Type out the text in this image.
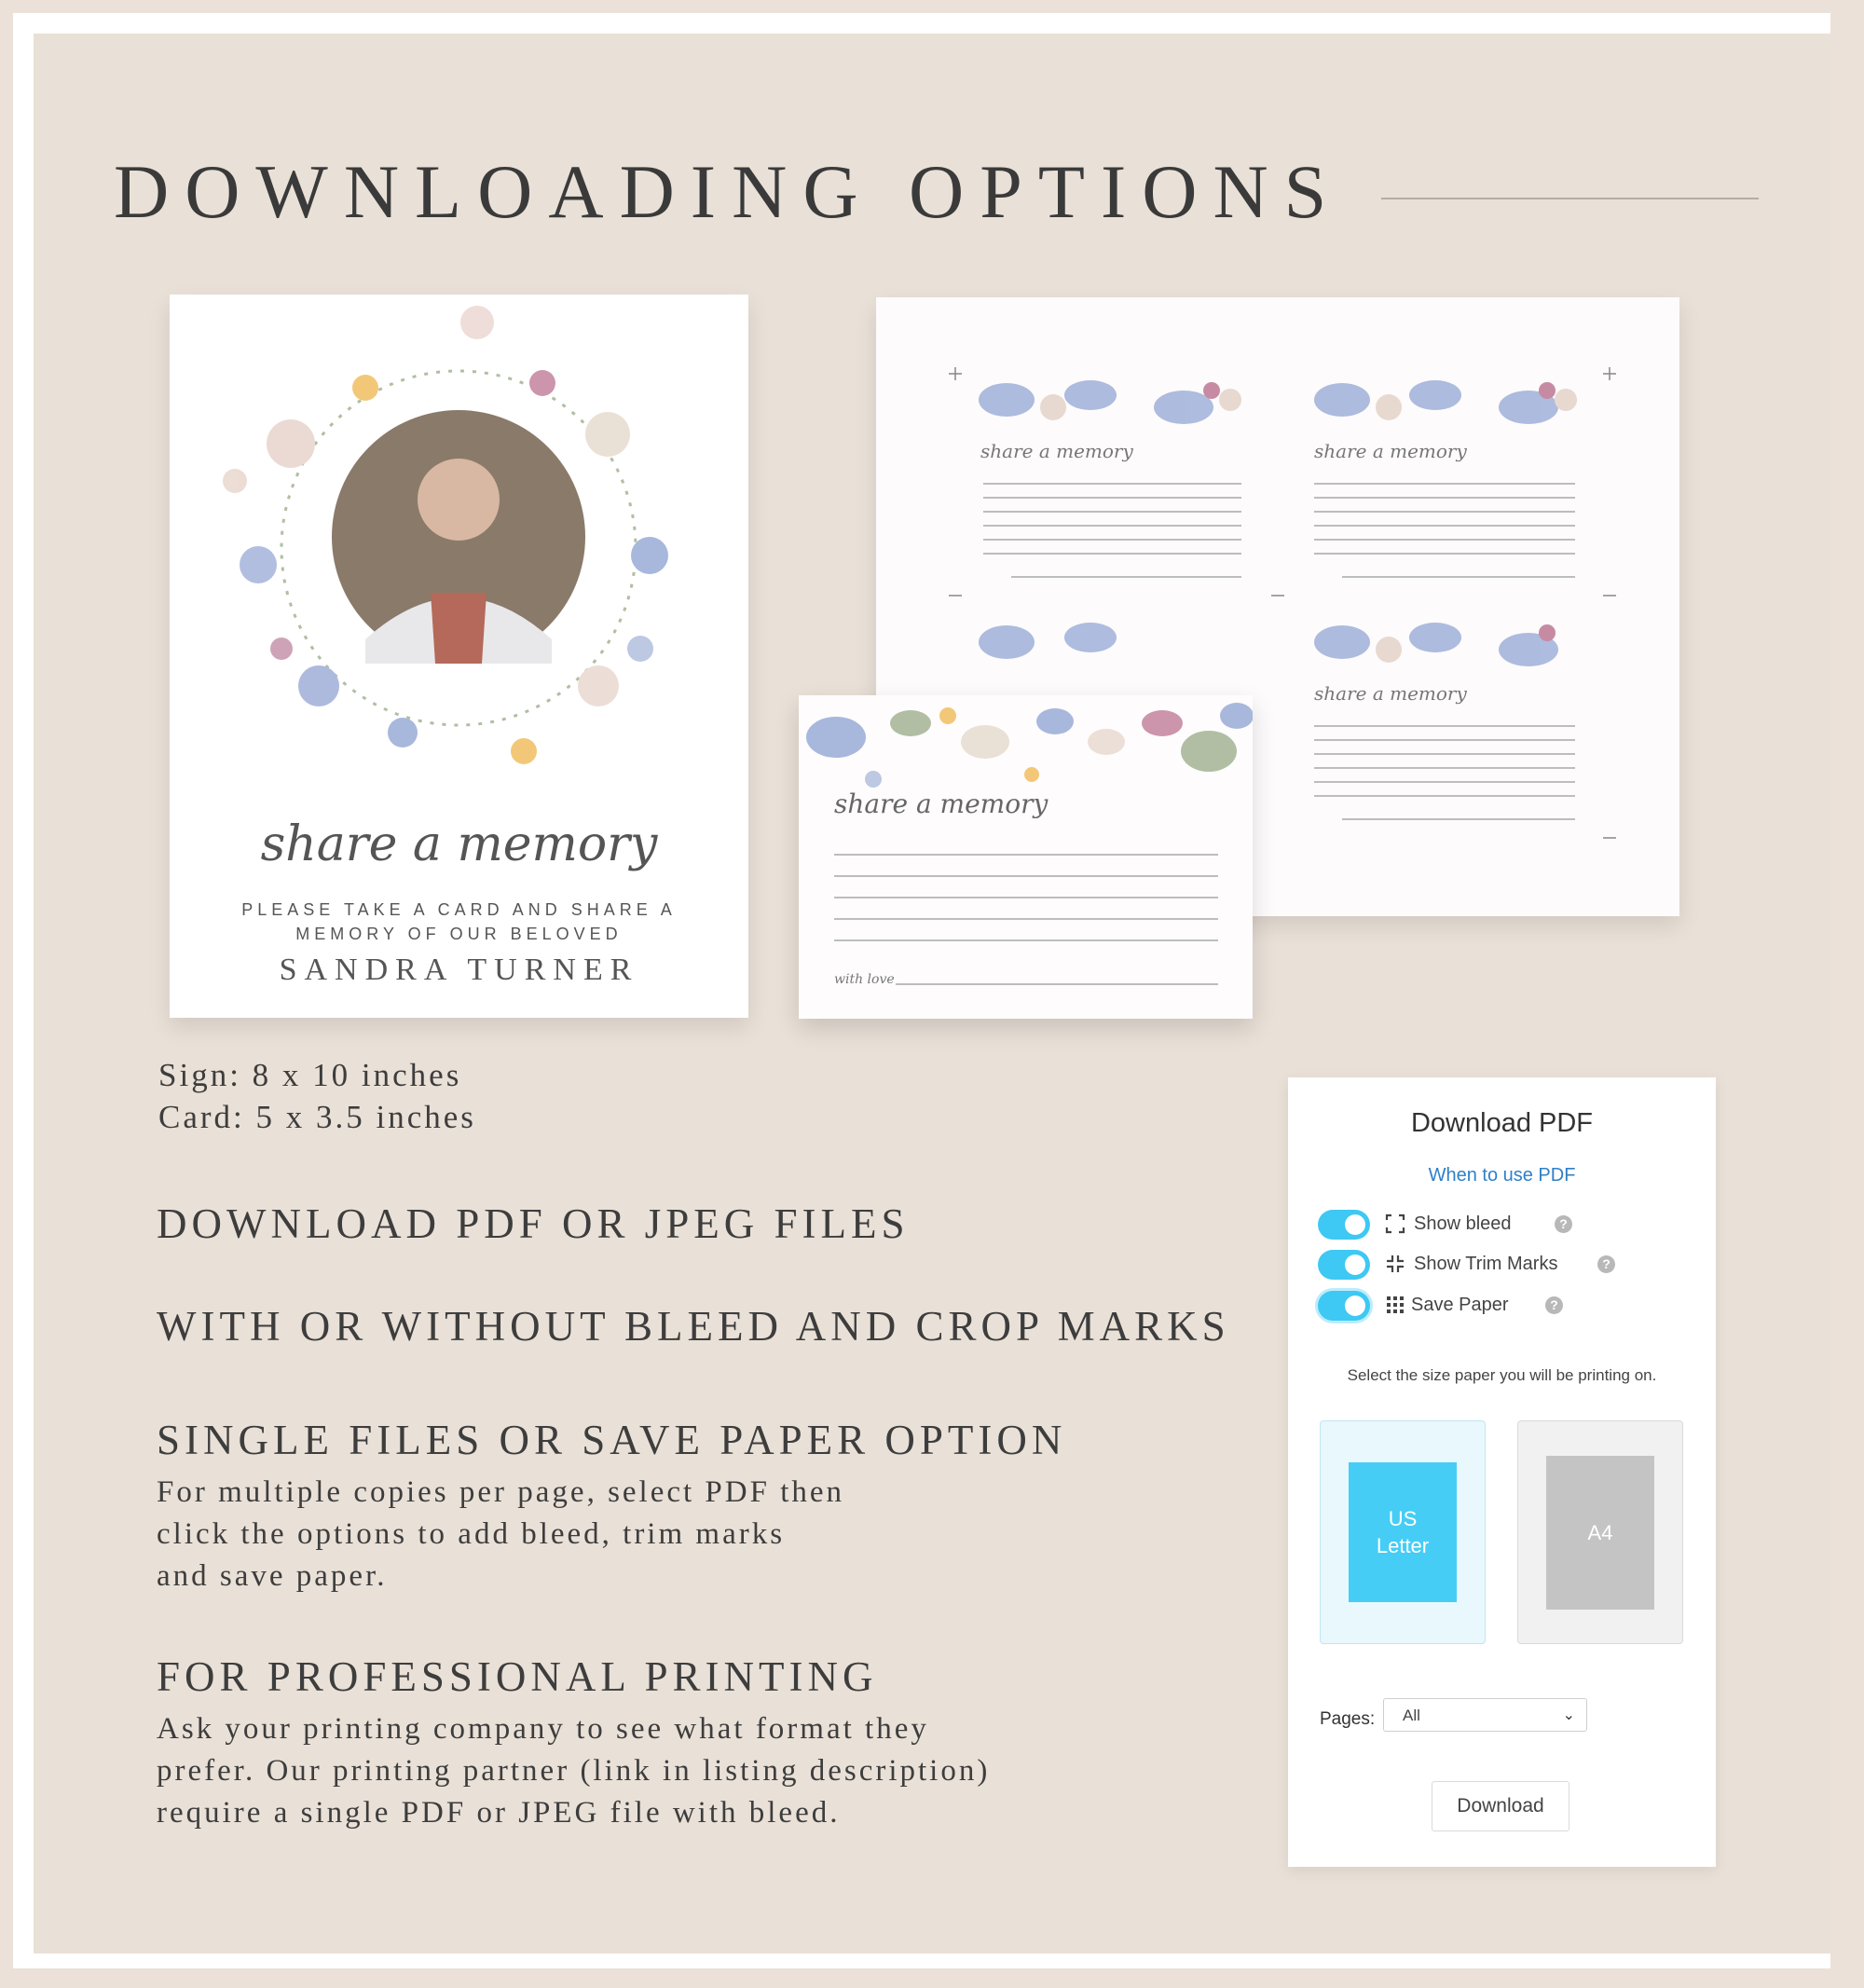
DOWNLOADING OPTIONS
share a memory
PLEASE TAKE A CARD AND SHARE A
MEMORY OF OUR BELOVED
SANDRA TURNER
share a memory	share a memory
share a memory
share a memory
with love
Sign: 8 x 10 inches
Card: 5 x 3.5 inches
DOWNLOAD PDF OR JPEG FILES
WITH OR WITHOUT BLEED AND CROP MARKS
SINGLE FILES OR SAVE PAPER OPTION
For multiple copies per page, select PDF then
click the options to add bleed, trim marks
and save paper.
FOR PROFESSIONAL PRINTING
Ask your printing company to see what format they
prefer. Our printing partner (link in listing description)
require a single PDF or JPEG file with bleed.
Download PDF
When to use PDF
Show bleed	?
Show Trim Marks	?
Save Paper	?
Select the size paper you will be printing on.
US
Letter
A4
Pages: All	⌄
Download
